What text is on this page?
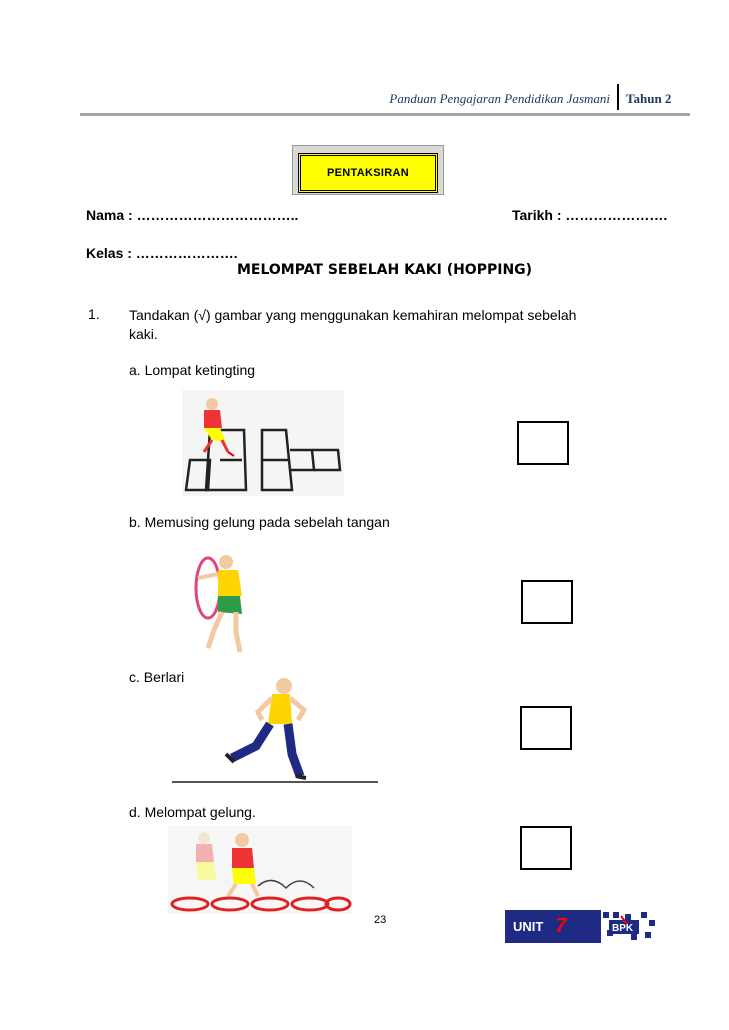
Panduan Pengajaran Pendidikan Jasmani Tahun 2
PENTAKSIRAN
Nama : ……………………………..	Tarikh : ………………….
Kelas : ………………….
MELOMPAT SEBELAH KAKI (HOPPING)
1. Tandakan (√) gambar yang menggunakan kemahiran melompat sebelah
kaki.
a. Lompat ketingting
b. Memusing gelung pada sebelah tangan
c. Berlari
d. Melompat gelung.
23	UNIT 7	BPK
